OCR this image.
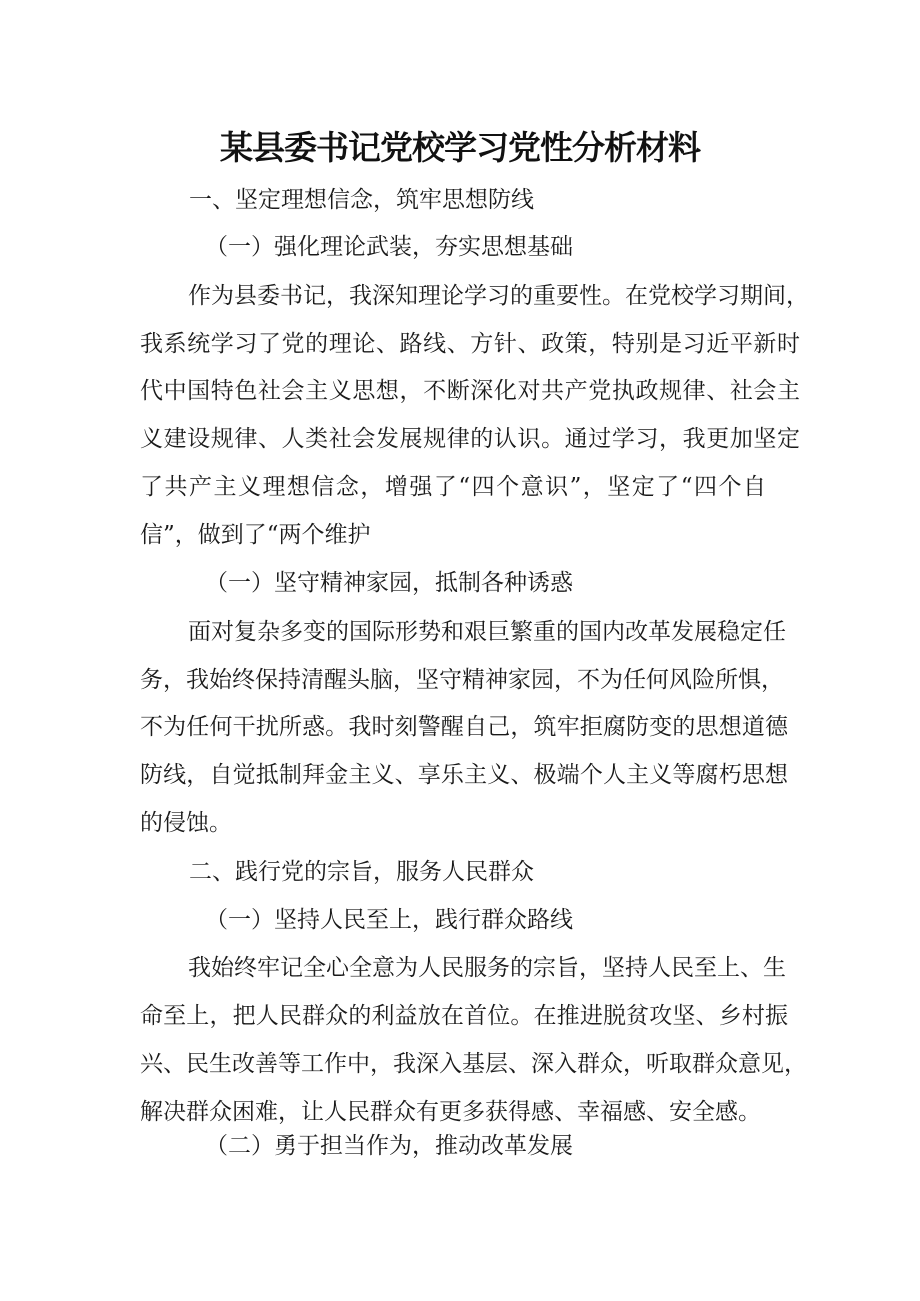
某县委书记党校学习党性分析材料
一、坚定理想信念，筑牢思想防线
（一）强化理论武装，夯实思想基础
作为县委书记，我深知理论学习的重要性。在党校学习期间，
我系统学习了党的理论、路线、方针、政策，特别是习近平新时
代中国特色社会主义思想，不断深化对共产党执政规律、社会主
义建设规律、人类社会发展规律的认识。通过学习，我更加坚定
了共产主义理想信念，增强了“四个意识”，坚定了“四个自
信”，做到了“两个维护
（一）坚守精神家园，抵制各种诱惑
面对复杂多变的国际形势和艰巨繁重的国内改革发展稳定任
务，我始终保持清醒头脑，坚守精神家园，不为任何风险所惧，
不为任何干扰所惑。我时刻警醒自己，筑牢拒腐防变的思想道德
防线，自觉抵制拜金主义、享乐主义、极端个人主义等腐朽思想
的侵蚀。
二、践行党的宗旨，服务人民群众
（一）坚持人民至上，践行群众路线
我始终牢记全心全意为人民服务的宗旨，坚持人民至上、生
命至上，把人民群众的利益放在首位。在推进脱贫攻坚、乡村振
兴、民生改善等工作中，我深入基层、深入群众，听取群众意见，
解决群众困难，让人民群众有更多获得感、幸福感、安全感。
（二）勇于担当作为，推动改革发展
